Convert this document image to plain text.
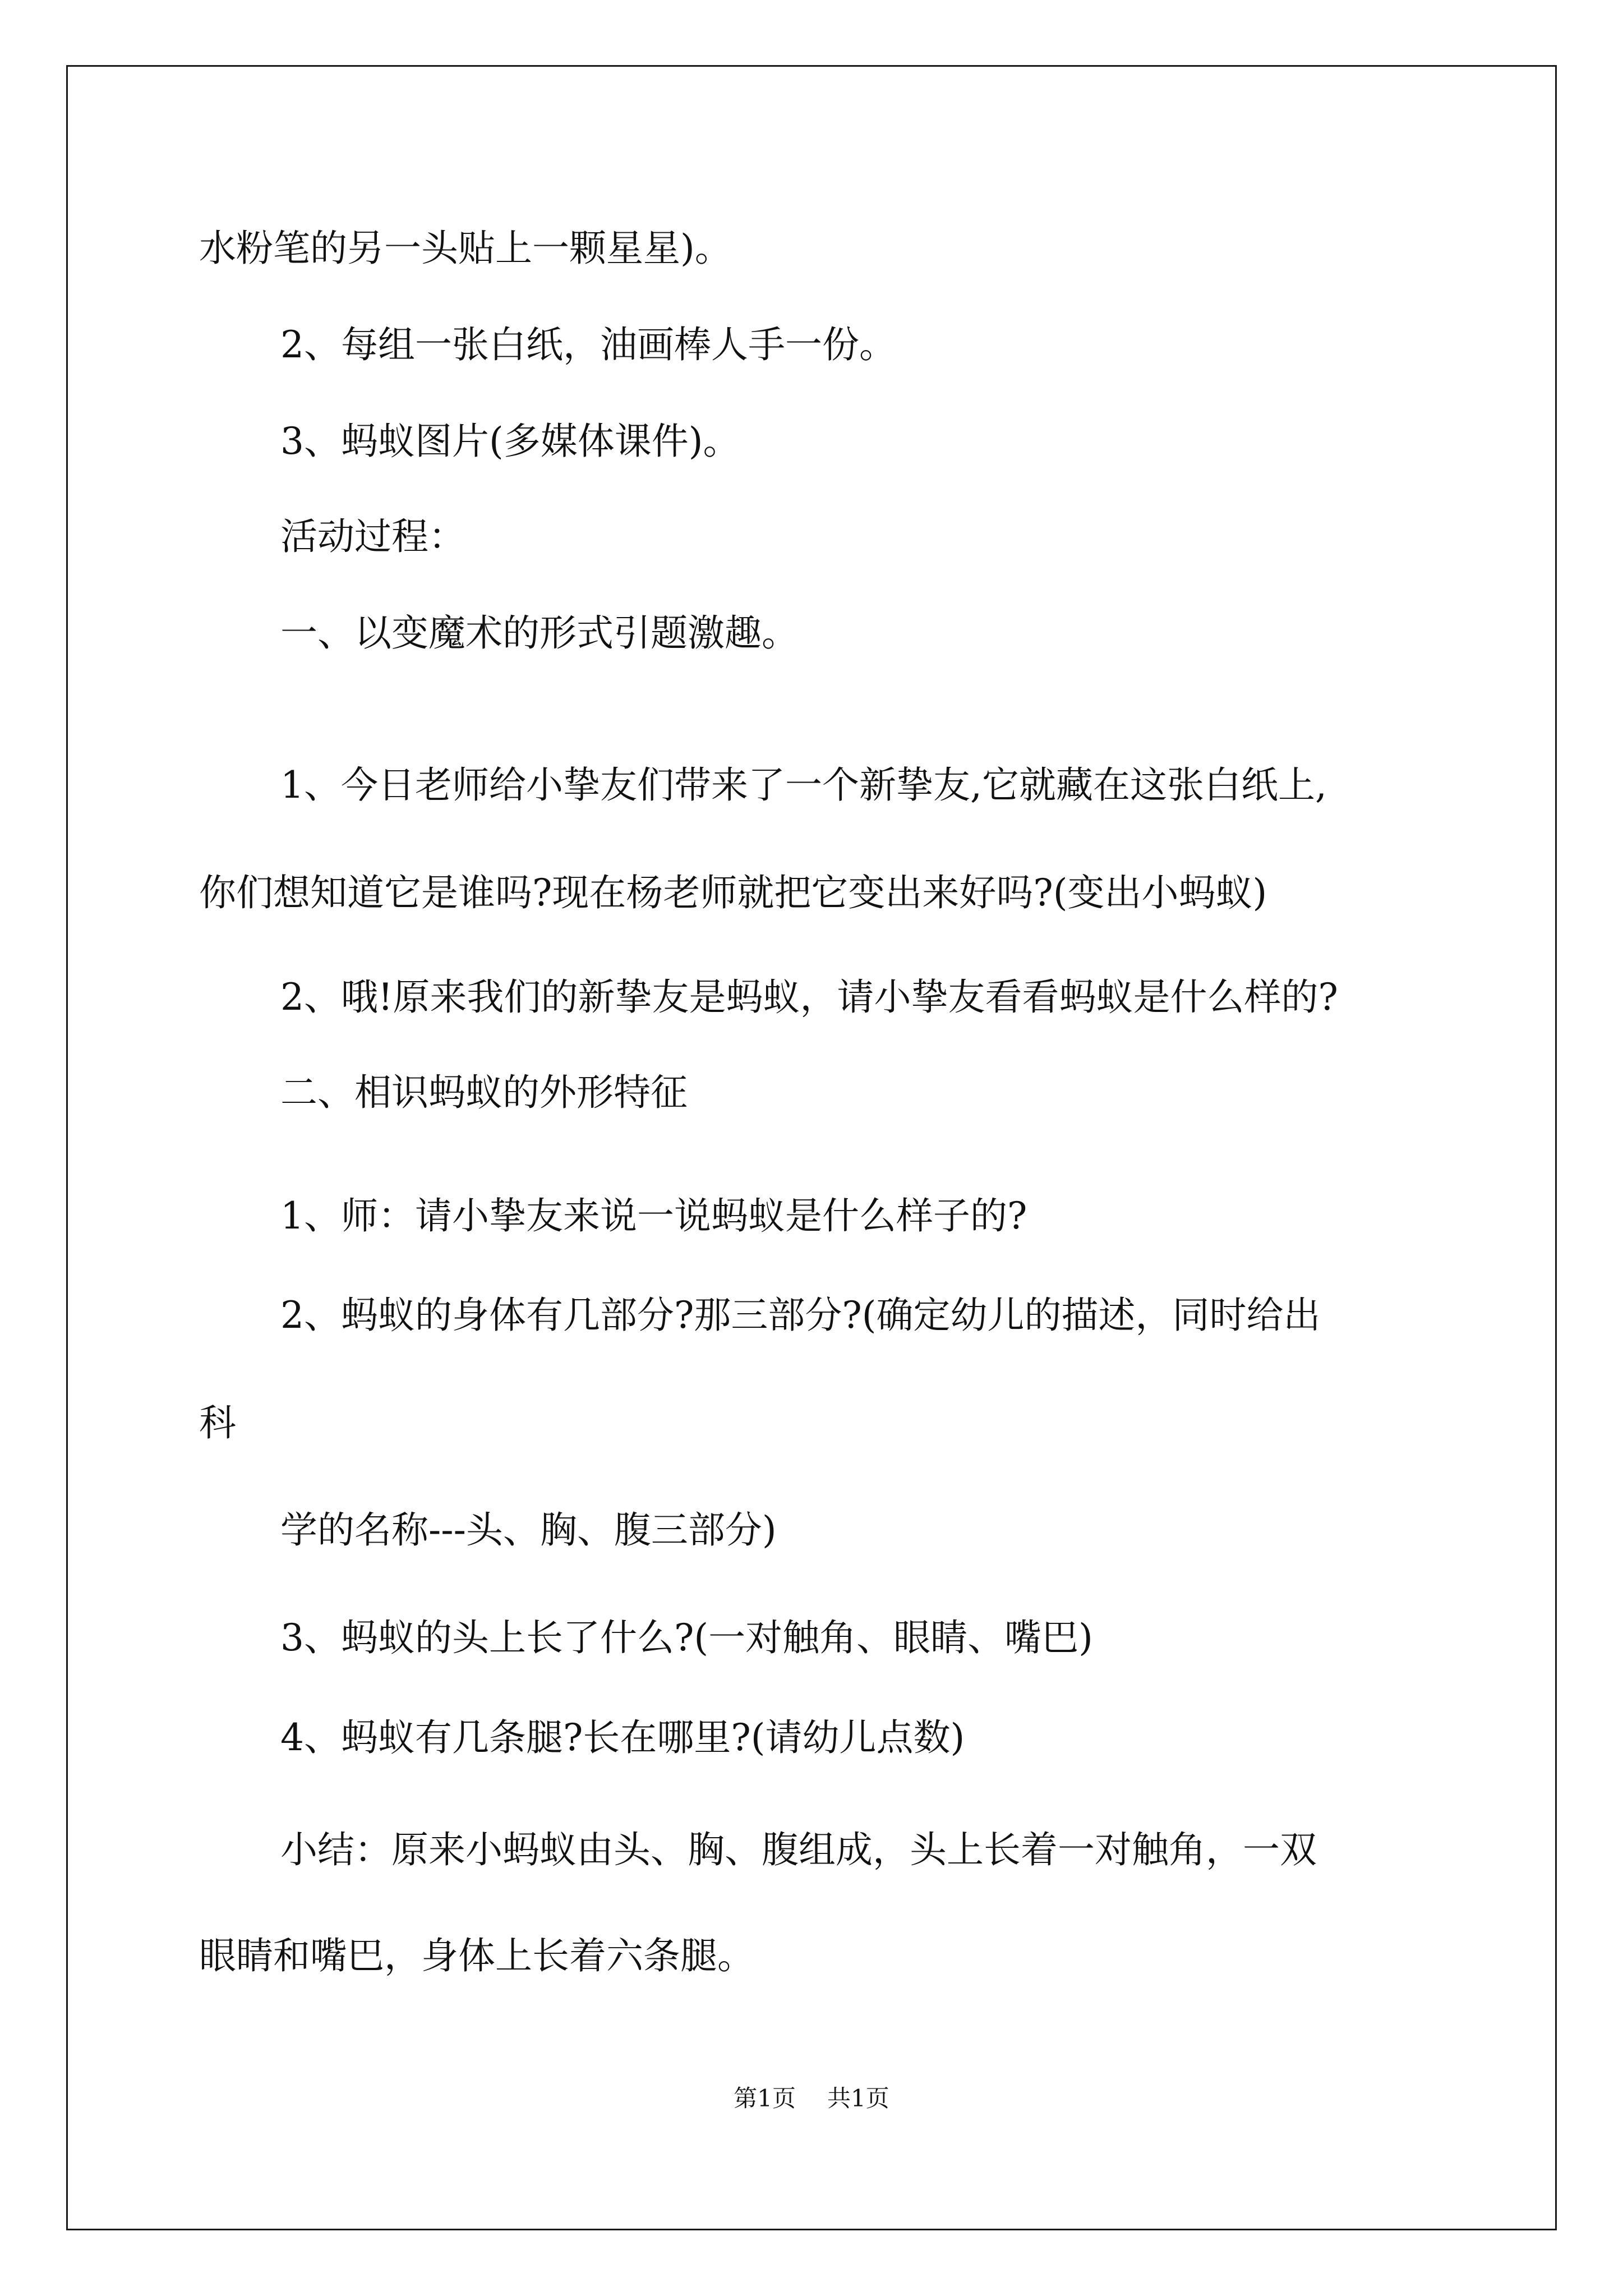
水粉笔的另一头贴上一颗星星)。
2、每组一张白纸，油画棒人手一份。
3、蚂蚁图片(多媒体课件)。
活动过程：
一、以变魔术的形式引题激趣。
1、今日老师给小挚友们带来了一个新挚友,它就藏在这张白纸上,
你们想知道它是谁吗?现在杨老师就把它变出来好吗?(变出小蚂蚁)
2、哦!原来我们的新挚友是蚂蚁，请小挚友看看蚂蚁是什么样的?
二、相识蚂蚁的外形特征
1、师：请小挚友来说一说蚂蚁是什么样子的?
2、蚂蚁的身体有几部分?那三部分?(确定幼儿的描述，同时给出
科
学的名称---头、胸、腹三部分)
3、蚂蚁的头上长了什么?(一对触角、眼睛、嘴巴)
4、蚂蚁有几条腿?长在哪里?(请幼儿点数)
小结：原来小蚂蚁由头、胸、腹组成，头上长着一对触角，一双
眼睛和嘴巴，身体上长着六条腿。
第1页 共1页
